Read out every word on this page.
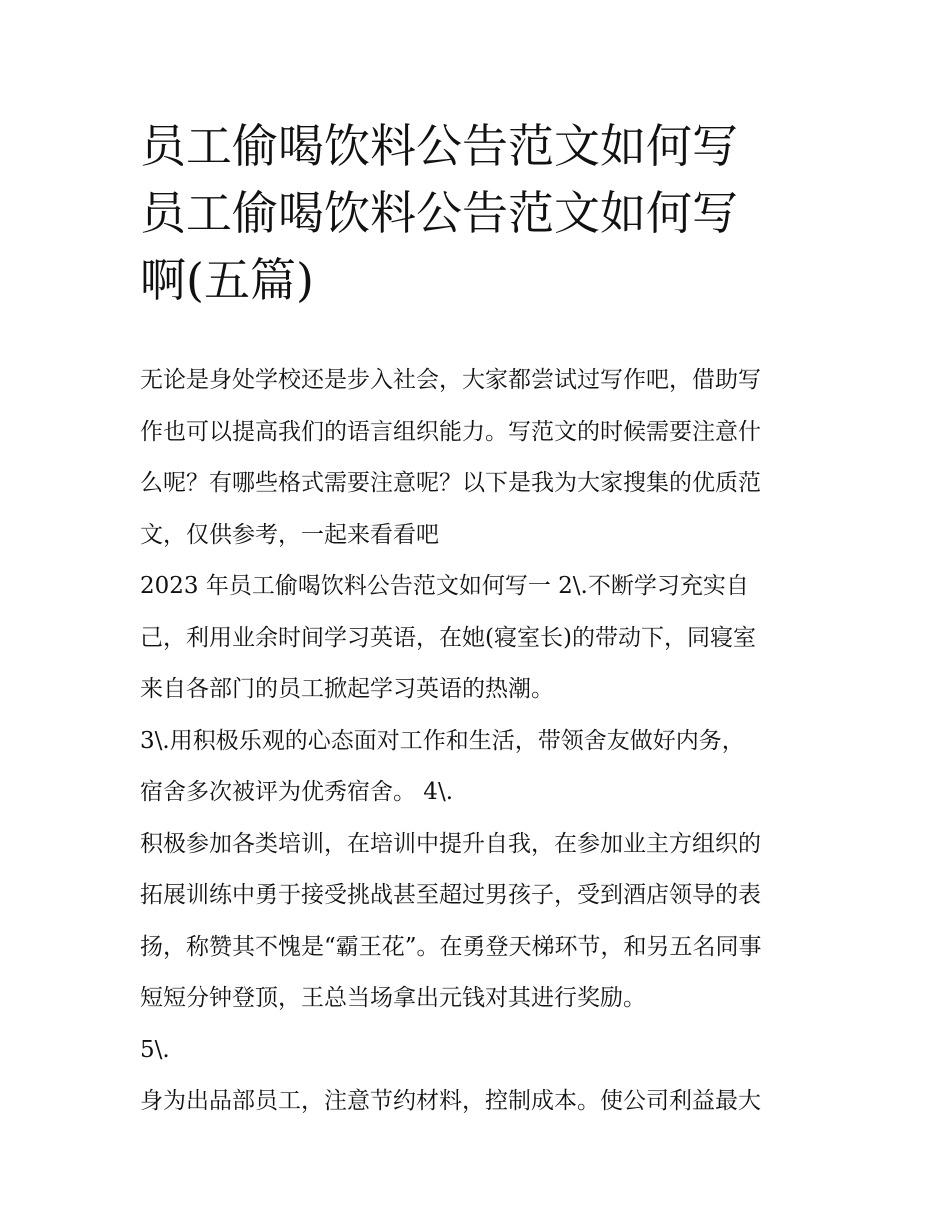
员工偷喝饮料公告范文如何写
员工偷喝饮料公告范文如何写
啊(五篇)
无论是身处学校还是步入社会，大家都尝试过写作吧，借助写
作也可以提高我们的语言组织能力。写范文的时候需要注意什
么呢？有哪些格式需要注意呢？以下是我为大家搜集的优质范
文，仅供参考，一起来看看吧
2023 年员工偷喝饮料公告范文如何写一 2\.不断学习充实自
己，利用业余时间学习英语，在她(寝室长)的带动下，同寝室
来自各部门的员工掀起学习英语的热潮。
3\.用积极乐观的心态面对工作和生活，带领舍友做好内务，
宿舍多次被评为优秀宿舍。 4\.
积极参加各类培训，在培训中提升自我，在参加业主方组织的
拓展训练中勇于接受挑战甚至超过男孩子，受到酒店领导的表
扬，称赞其不愧是“霸王花”。在勇登天梯环节，和另五名同事
短短分钟登顶，王总当场拿出元钱对其进行奖励。
5\.
身为出品部员工，注意节约材料，控制成本。使公司利益最大
